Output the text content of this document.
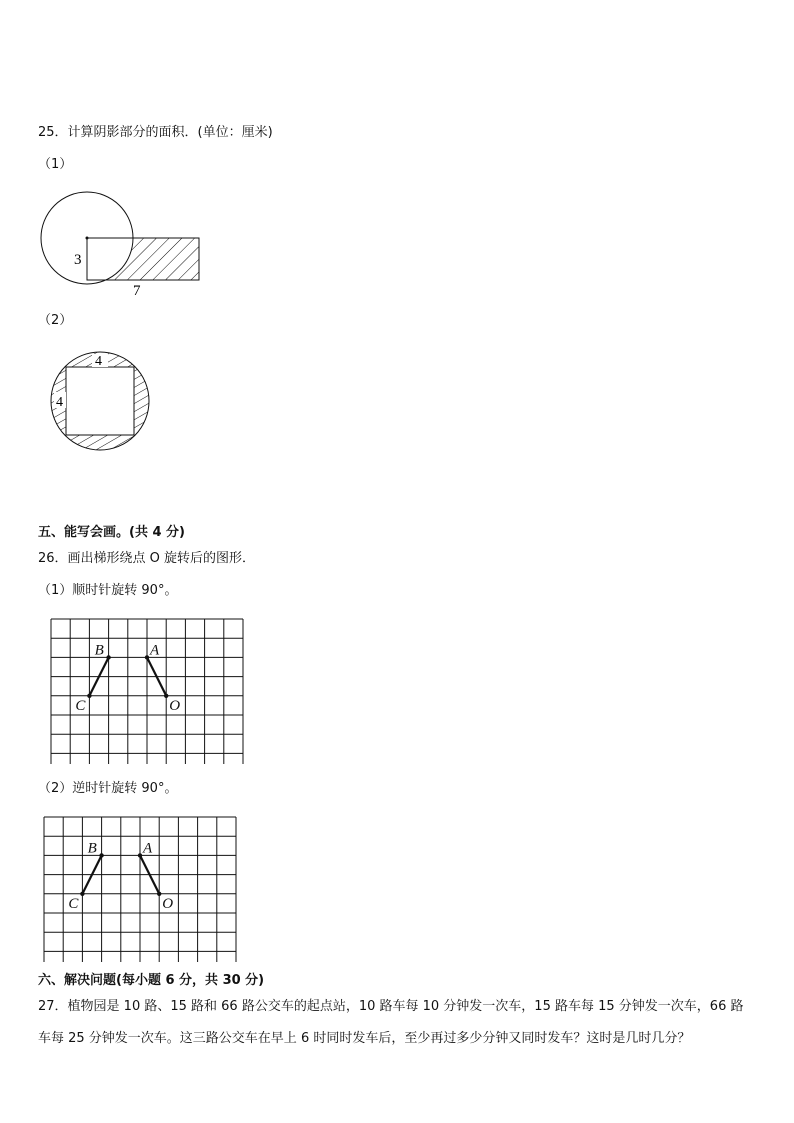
25．计算阴影部分的面积．(单位：厘米)
（1）
3
7
（2）
4
4
五、能写会画。(共 4 分)
26．画出梯形绕点 O 旋转后的图形．
（1）顺时针旋转 90°。
A
B
C	O
（2）逆时针旋转 90°。
A
B
C	O
六、解决问题(每小题 6 分，共 30 分)
27．植物园是 10 路、15 路和 66 路公交车的起点站，10 路车每 10 分钟发一次车，15 路车每 15 分钟发一次车，66 路
车每 25 分钟发一次车。这三路公交车在早上 6 时同时发车后，至少再过多少分钟又同时发车？这时是几时几分？
